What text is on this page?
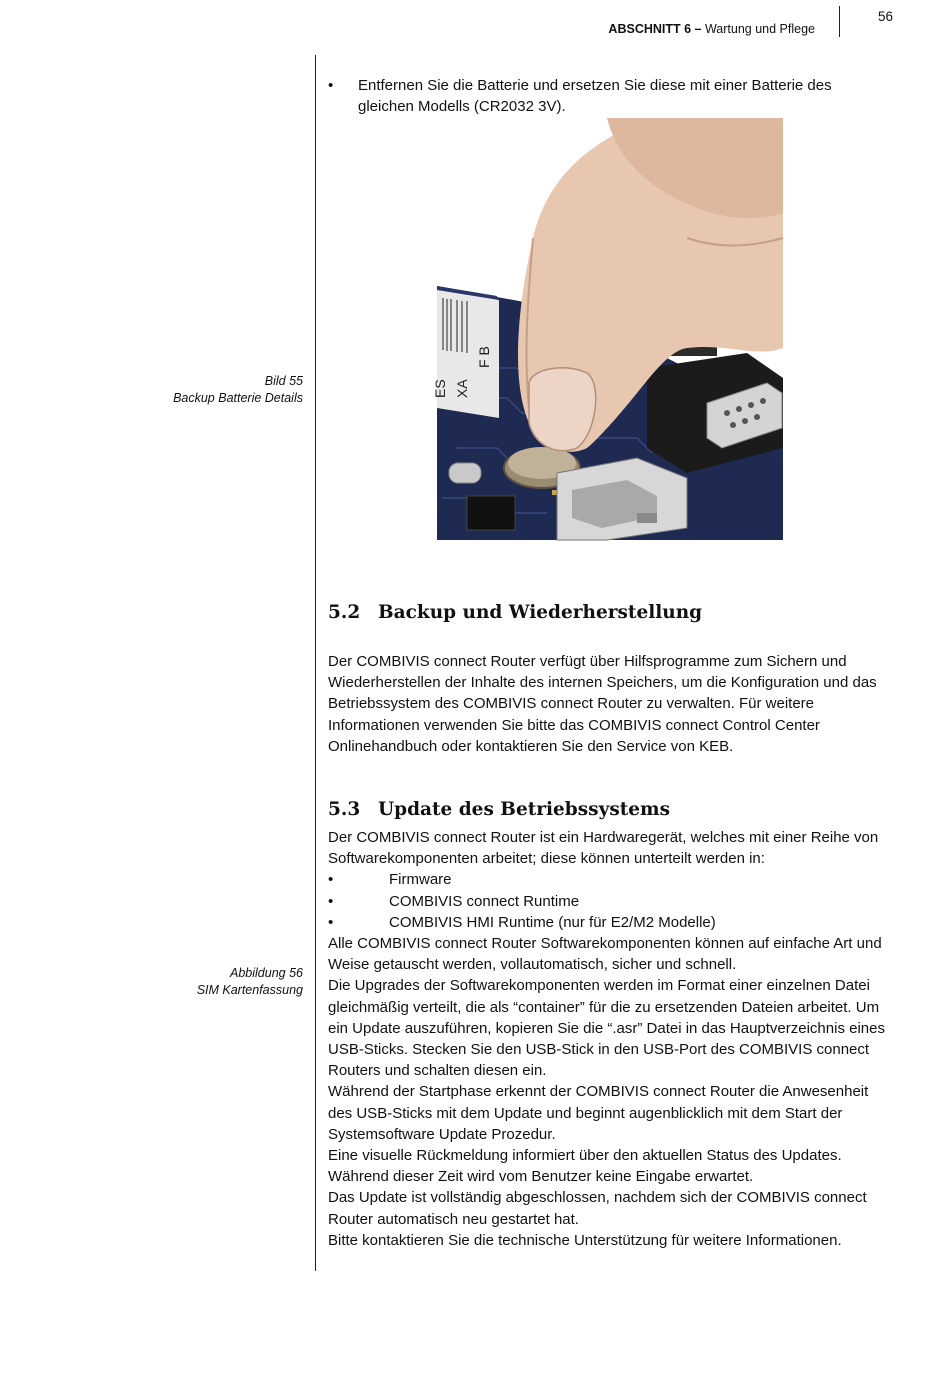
ABSCHNITT 6 – Wartung und Pflege
56
Bild 55
Backup Batterie Details
Abbildung 56
SIM Kartenfassung
• Entfernen Sie die Batterie und ersetzen Sie diese mit einer Batterie des gleichen Modells (CR2032 3V).
ES XA
F B
5.2 Backup und Wiederherstellung

Der COMBIVIS connect Router verfügt über Hilfsprogramme zum Sichern und Wiederherstellen der Inhalte des internen Speichers, um die Konfiguration und das Betriebssystem des COMBIVIS connect Router zu verwalten. Für weitere Informationen verwenden Sie bitte das COMBIVIS connect Control Center Onlinehandbuch oder kontaktieren Sie den Service von KEB.

5.3 Update des Betriebssystems

Der COMBIVIS connect Router ist ein Hardwaregerät, welches mit einer Reihe von Softwarekomponenten arbeitet; diese können unterteilt werden in:

•	Firmware
•	COMBIVIS connect Runtime
•	COMBIVIS HMI Runtime (nur für E2/M2 Modelle)

Alle COMBIVIS connect Router Softwarekomponenten können auf einfache Art und Weise getauscht werden, vollautomatisch, sicher und schnell.

Die Upgrades der Softwarekomponenten werden im Format einer einzelnen Datei gleichmäßig verteilt, die als “container” für die zu ersetzenden Dateien arbeitet. Um ein Update auszuführen, kopieren Sie die “.asr” Datei in das Hauptverzeichnis eines USB-Sticks. Stecken Sie den USB-Stick in den USB-Port des COMBIVIS connect Routers und schalten diesen ein.

Während der Startphase erkennt der COMBIVIS connect Router die Anwesenheit des USB-Sticks mit dem Update und beginnt augenblicklich mit dem Start der Systemsoftware Update Prozedur.

Eine visuelle Rückmeldung informiert über den aktuellen Status des Updates. Während dieser Zeit wird vom Benutzer keine Eingabe erwartet.

Das Update ist vollständig abgeschlossen, nachdem sich der COMBIVIS connect Router automatisch neu gestartet hat.

Bitte kontaktieren Sie die technische Unterstützung für weitere Informationen.
